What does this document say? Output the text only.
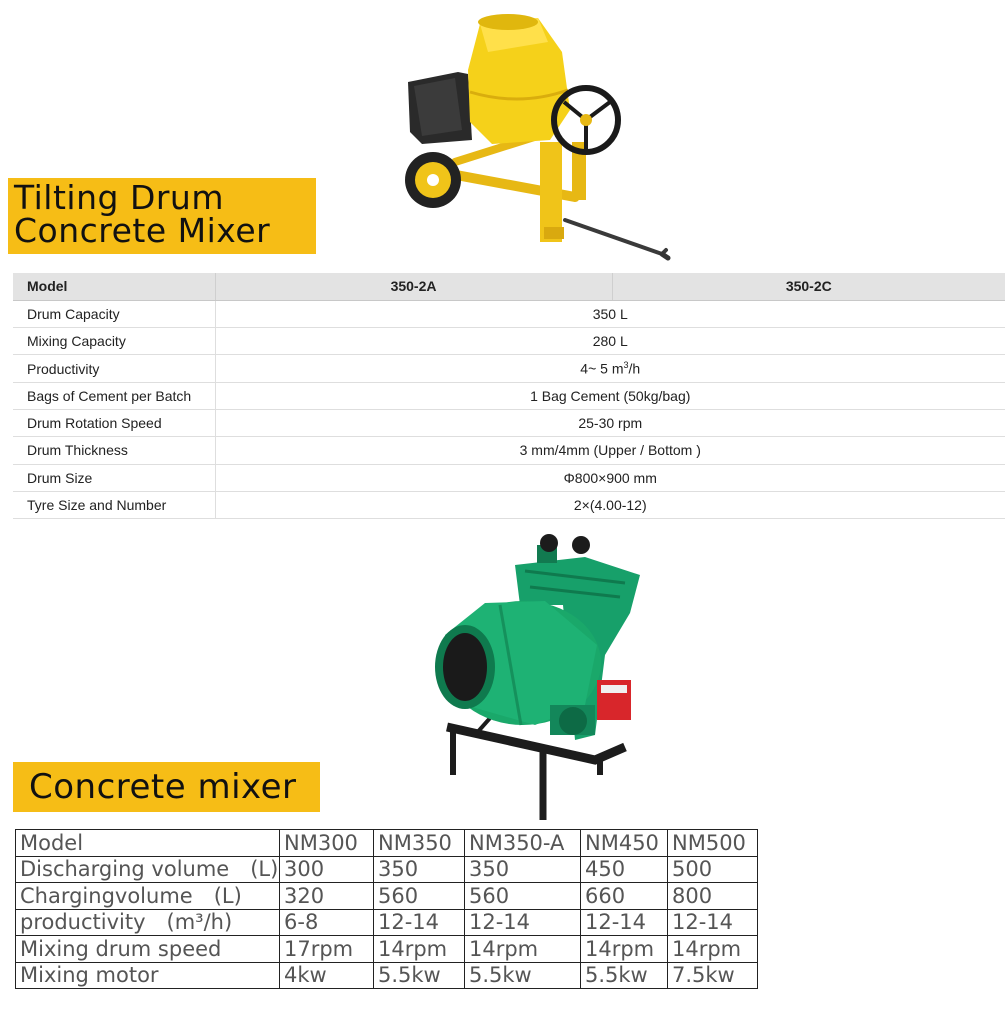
Tilting Drum
Concrete Mixer
Model	350-2A	350-2C
Drum Capacity	350 L	
Mixing Capacity	280 L	
Productivity	4~ 5 $m^3/h$	
Bags of Cement per Batch	1 Bag Cement (50kg/bag)	
Drum Rotation Speed	25-30 rpm	
Drum Thickness	3 mm/4mm (Upper / Bottom )	
Drum Size	Φ800×900 mm	
Tyre Size and Number	2×(4.00-12)	
Concrete mixer
Model	NM300	NM350	NM350-A	NM450	NM500
Discharging volume　(L)	300	350	350	450	500
Chargingvolume　(L)	320	560	560	660	800
productivity　(m³/h)	6-8	12-14	12-14	12-14	12-14
Mixing drum speed	17rpm	14rpm	14rpm	14rpm	14rpm
Mixing motor	4kw	5.5kw	5.5kw	5.5kw	7.5kw
